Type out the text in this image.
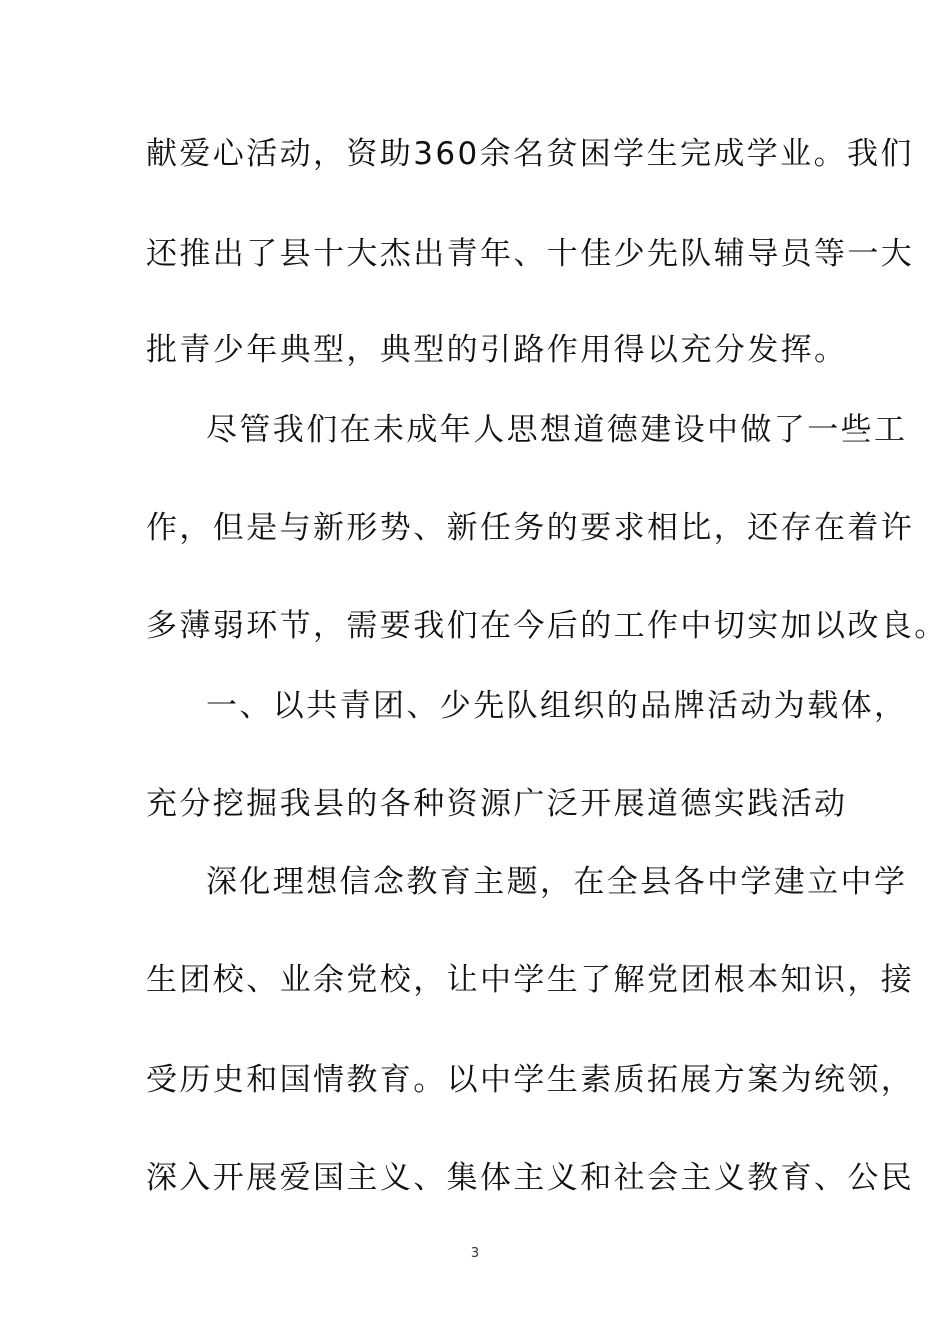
献爱心活动，资助360余名贫困学生完成学业。我们
还推出了县十大杰出青年、十佳少先队辅导员等一大
批青少年典型，典型的引路作用得以充分发挥。
尽管我们在未成年人思想道德建设中做了一些工
作，但是与新形势、新任务的要求相比，还存在着许
多薄弱环节，需要我们在今后的工作中切实加以改良。
一、以共青团、少先队组织的品牌活动为载体，
充分挖掘我县的各种资源广泛开展道德实践活动
深化理想信念教育主题，在全县各中学建立中学
生团校、业余党校，让中学生了解党团根本知识，接
受历史和国情教育。以中学生素质拓展方案为统领，
深入开展爱国主义、集体主义和社会主义教育、公民
3
